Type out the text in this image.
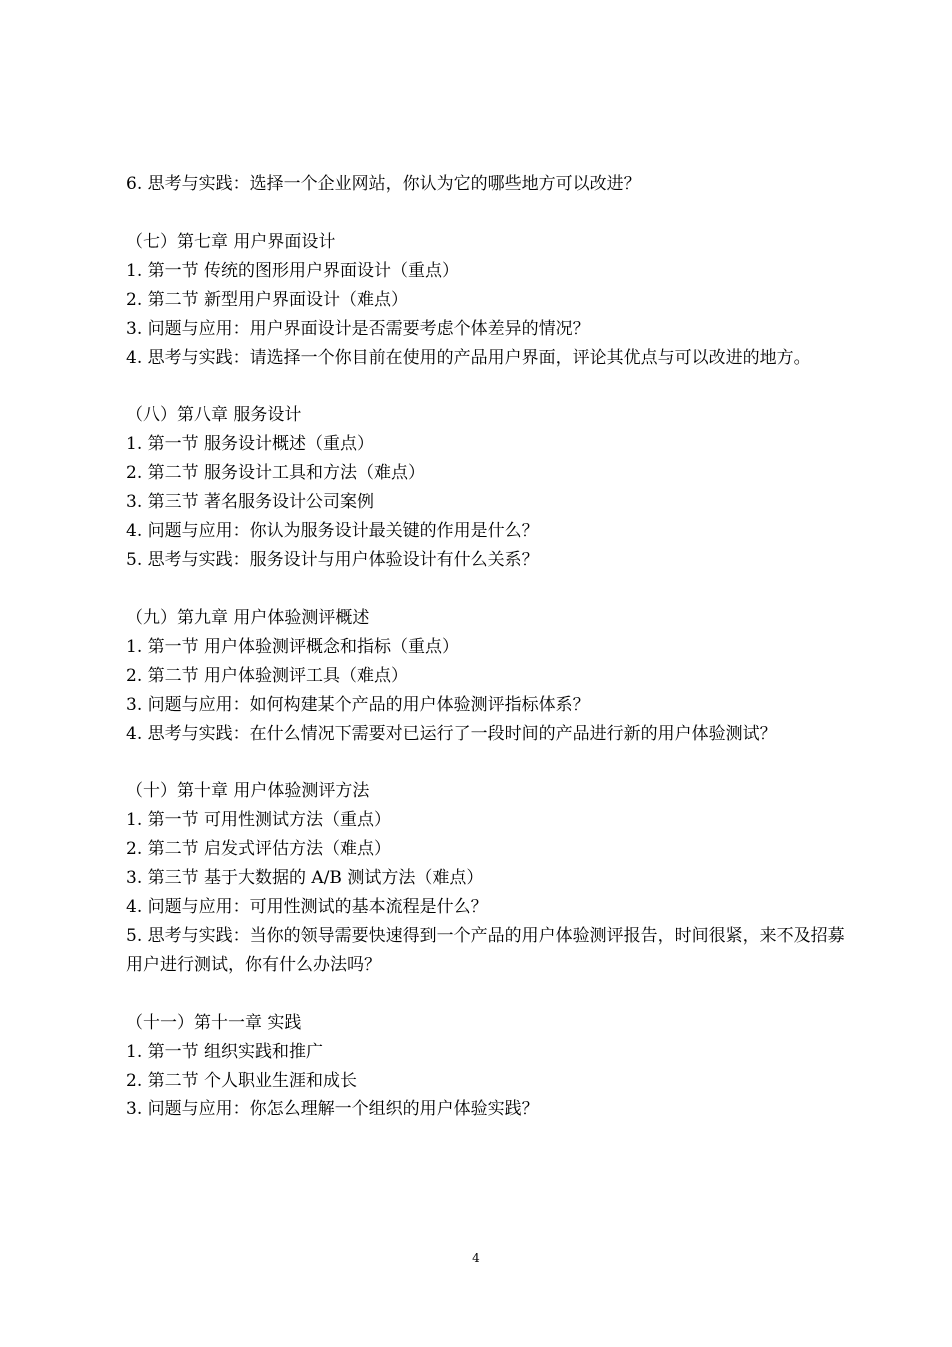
6. 思考与实践：选择一个企业网站，你认为它的哪些地方可以改进？
（七）第七章 用户界面设计
1. 第一节 传统的图形用户界面设计（重点）
2. 第二节 新型用户界面设计（难点）
3. 问题与应用：用户界面设计是否需要考虑个体差异的情况？
4. 思考与实践：请选择一个你目前在使用的产品用户界面，评论其优点与可以改进的地方。
（八）第八章 服务设计
1. 第一节 服务设计概述（重点）
2. 第二节 服务设计工具和方法（难点）
3. 第三节 著名服务设计公司案例
4. 问题与应用：你认为服务设计最关键的作用是什么？
5. 思考与实践：服务设计与用户体验设计有什么关系？
（九）第九章 用户体验测评概述
1. 第一节 用户体验测评概念和指标（重点）
2. 第二节 用户体验测评工具（难点）
3. 问题与应用：如何构建某个产品的用户体验测评指标体系？
4. 思考与实践：在什么情况下需要对已运行了一段时间的产品进行新的用户体验测试？
（十）第十章 用户体验测评方法
1. 第一节 可用性测试方法（重点）
2. 第二节 启发式评估方法（难点）
3. 第三节 基于大数据的 A/B 测试方法（难点）
4. 问题与应用：可用性测试的基本流程是什么？
5. 思考与实践：当你的领导需要快速得到一个产品的用户体验测评报告，时间很紧，来不及招募用户进行测试，你有什么办法吗？
（十一）第十一章 实践
1. 第一节 组织实践和推广
2. 第二节 个人职业生涯和成长
3. 问题与应用：你怎么理解一个组织的用户体验实践？
4
